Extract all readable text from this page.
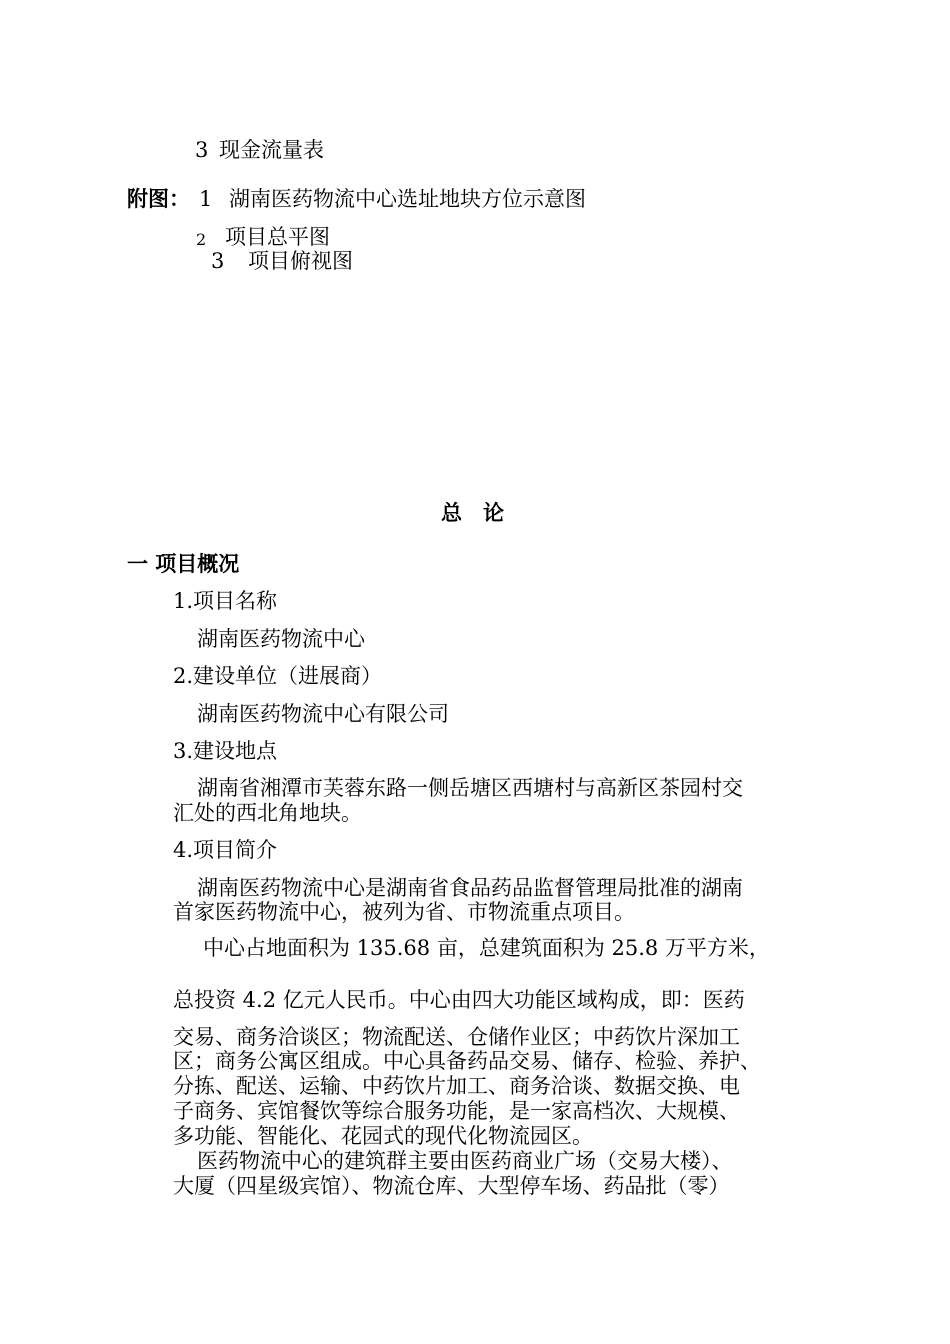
3 现金流量表
附图： 1 湖南医药物流中心选址地块方位示意图
2 项目总平图
3 项目俯视图
总　论
一 项目概况
1.项目名称
湖南医药物流中心
2.建设单位（进展商）
湖南医药物流中心有限公司
3.建设地点
湖南省湘潭市芙蓉东路一侧岳塘区西塘村与高新区茶园村交
汇处的西北角地块。
4.项目简介
湖南医药物流中心是湖南省食品药品监督管理局批准的湖南
首家医药物流中心，被列为省、市物流重点项目。
中心占地面积为 135.68 亩，总建筑面积为 25.8 万平方米，
总投资 4.2 亿元人民币。中心由四大功能区域构成，即：医药
交易、商务洽谈区；物流配送、仓储作业区；中药饮片深加工
区；商务公寓区组成。中心具备药品交易、储存、检验、养护、
分拣、配送、运输、中药饮片加工、商务洽谈、数据交换、电
子商务、宾馆餐饮等综合服务功能，是一家高档次、大规模、
多功能、智能化、花园式的现代化物流园区。
医药物流中心的建筑群主要由医药商业广场（交易大楼）、
大厦（四星级宾馆）、物流仓库、大型停车场、药品批（零）
